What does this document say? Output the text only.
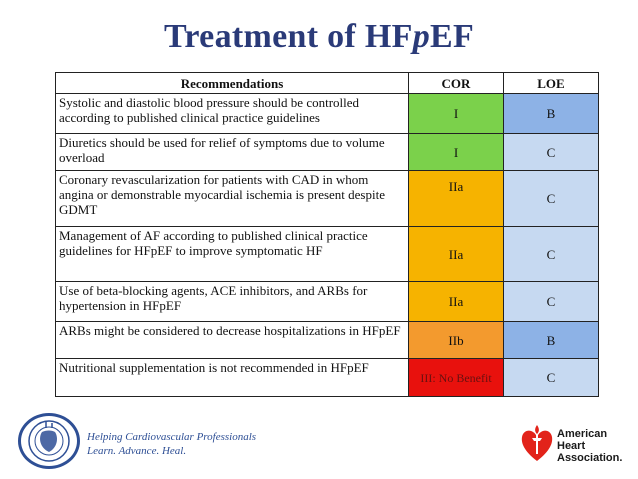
Treatment of HFpEF
Recommendations	COR	LOE
Systolic and diastolic blood pressure should be controlled according to published clinical practice guidelines	I	B
Diuretics should be used for relief of symptoms due to volume overload	I	C
Coronary revascularization for patients with CAD in whom angina or demonstrable myocardial ischemia is present despite GDMT	IIa	C
Management of AF according to published clinical practice guidelines for HFpEF to improve symptomatic HF	IIa	C
Use of beta-blocking agents, ACE inhibitors, and ARBs for hypertension in HFpEF	IIa	C
ARBs might be considered to decrease hospitalizations in HFpEF	IIb	B
Nutritional supplementation is not recommended in HFpEF	III: No Benefit	C
Helping Cardiovascular Professionals
Learn. Advance. Heal.
American
Heart
Association.
